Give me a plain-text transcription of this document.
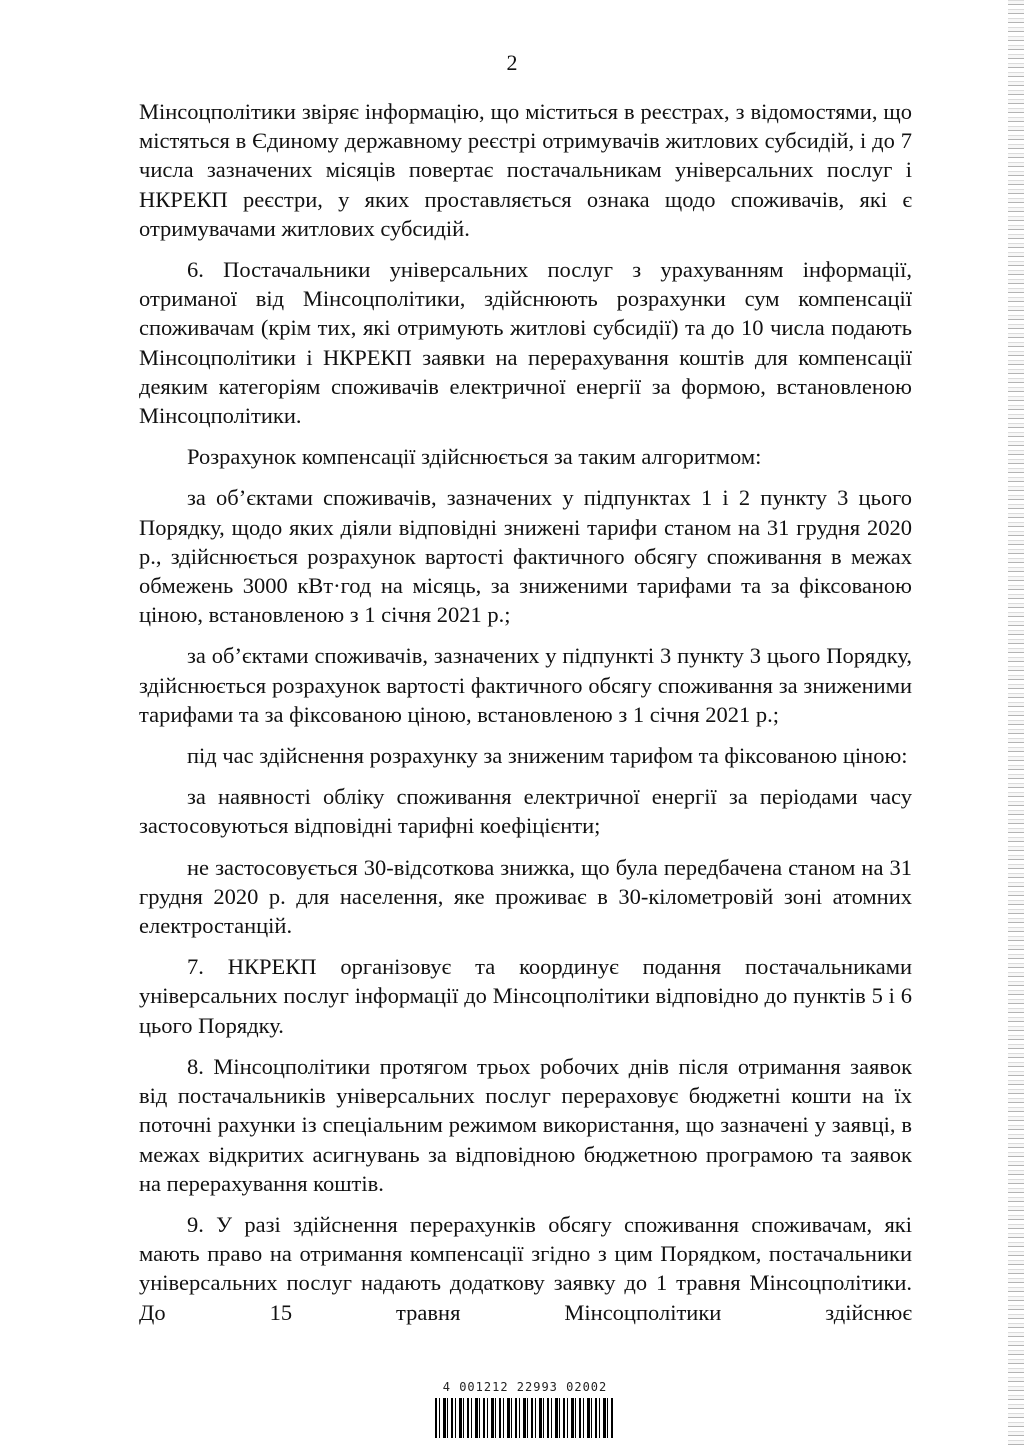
2

Мінсоцполітики звіряє інформацію, що міститься в реєстрах, з відомостями, що містяться в Єдиному державному реєстрі отримувачів житлових субсидій, і до 7 числа зазначених місяців повертає постачальникам універсальних послуг і НКРЕКП реєстри, у яких проставляється ознака щодо споживачів, які є отримувачами житлових субсидій.

6. Постачальники універсальних послуг з урахуванням інформації, отриманої від Мінсоцполітики, здійснюють розрахунки сум компенсації споживачам (крім тих, які отримують житлові субсидії) та до 10 числа подають Мінсоцполітики і НКРЕКП заявки на перерахування коштів для компенсації деяким категоріям споживачів електричної енергії за формою, встановленою Мінсоцполітики.

Розрахунок компенсації здійснюється за таким алгоритмом:

за об’єктами споживачів, зазначених у підпунктах 1 і 2 пункту 3 цього Порядку, щодо яких діяли відповідні знижені тарифи станом на 31 грудня 2020 р., здійснюється розрахунок вартості фактичного обсягу споживання в межах обмежень 3000 кВт·год на місяць, за зниженими тарифами та за фіксованою ціною, встановленою з 1 січня 2021 р.;

за об’єктами споживачів, зазначених у підпункті 3 пункту 3 цього Порядку, здійснюється розрахунок вартості фактичного обсягу споживання за зниженими тарифами та за фіксованою ціною, встановленою з 1 січня 2021 р.;

під час здійснення розрахунку за зниженим тарифом та фіксованою ціною:

за наявності обліку споживання електричної енергії за періодами часу застосовуються відповідні тарифні коефіцієнти;

не застосовується 30-відсоткова знижка, що була передбачена станом на 31 грудня 2020 р. для населення, яке проживає в 30-кілометровій зоні атомних електростанцій.

7. НКРЕКП організовує та координує подання постачальниками універсальних послуг інформації до Мінсоцполітики відповідно до пунктів 5 і 6 цього Порядку.

8. Мінсоцполітики протягом трьох робочих днів після отримання заявок від постачальників універсальних послуг перераховує бюджетні кошти на їх поточні рахунки із спеціальним режимом використання, що зазначені у заявці, в межах відкритих асигнувань за відповідною бюджетною програмою та заявок на перерахування коштів.

9. У разі здійснення перерахунків обсягу споживання споживачам, які мають право на отримання компенсації згідно з цим Порядком, постачальники універсальних послуг надають додаткову заявку до 1 травня Мінсоцполітики. До 15 травня Мінсоцполітики здійснює

4 001212 22993 02002
